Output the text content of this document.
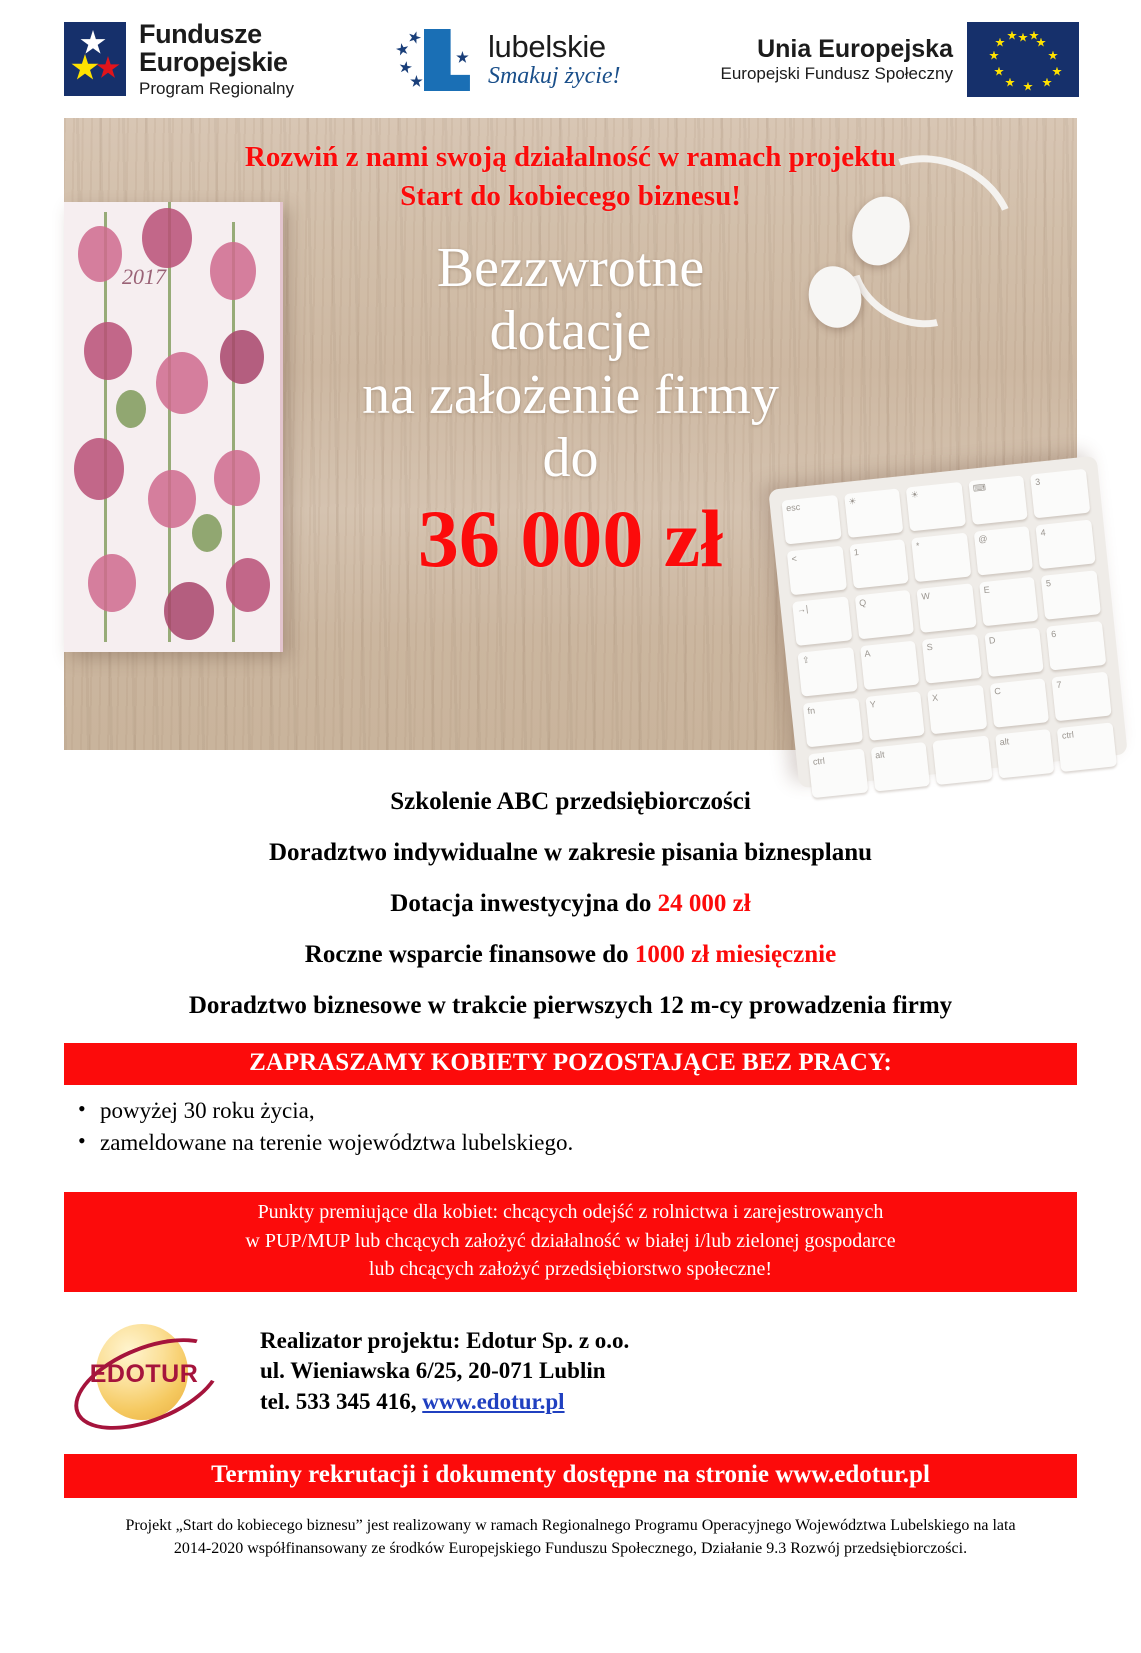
Fundusze
Europejskie
Program Regionalny
lubelskie
Smakuj życie!
Unia Europejska
Europejski Fundusz Społeczny
2017
esc
☀
☀
⌨
3
<
1
*
@
4
→|
Q
W
E
5
⇧
A
S
D
6
fn
Y
X
C
7
ctrl
alt
alt
ctrl
Rozwiń z nami swoją działalność w ramach projektu
Start do kobiecego biznesu!
Bezzwrotne
dotacje
na założenie firmy
do
36 000 zł
Szkolenie ABC przedsiębiorczości
Doradztwo indywidualne w zakresie pisania biznesplanu
Dotacja inwestycyjna do 24 000 zł
Roczne wsparcie finansowe do 1000 zł miesięcznie
Doradztwo biznesowe w trakcie pierwszych 12 m-cy prowadzenia firmy
ZAPRASZAMY KOBIETY POZOSTAJĄCE BEZ PRACY:
• powyżej 30 roku życia,
• zameldowane na terenie województwa lubelskiego.
Punkty premiujące dla kobiet: chcących odejść z rolnictwa i zarejestrowanych
w PUP/MUP lub chcących założyć działalność w białej i/lub zielonej gospodarce
lub chcących założyć przedsiębiorstwo społeczne!
EDOTUR
Realizator projektu: Edotur Sp. z o.o.
ul. Wieniawska 6/25, 20-071 Lublin
tel. 533 345 416, www.edotur.pl
Terminy rekrutacji i dokumenty dostępne na stronie www.edotur.pl
Projekt „Start do kobiecego biznesu” jest realizowany w ramach Regionalnego Programu Operacyjnego Województwa Lubelskiego na lata
2014-2020 współfinansowany ze środków Europejskiego Funduszu Społecznego, Działanie 9.3 Rozwój przedsiębiorczości.
